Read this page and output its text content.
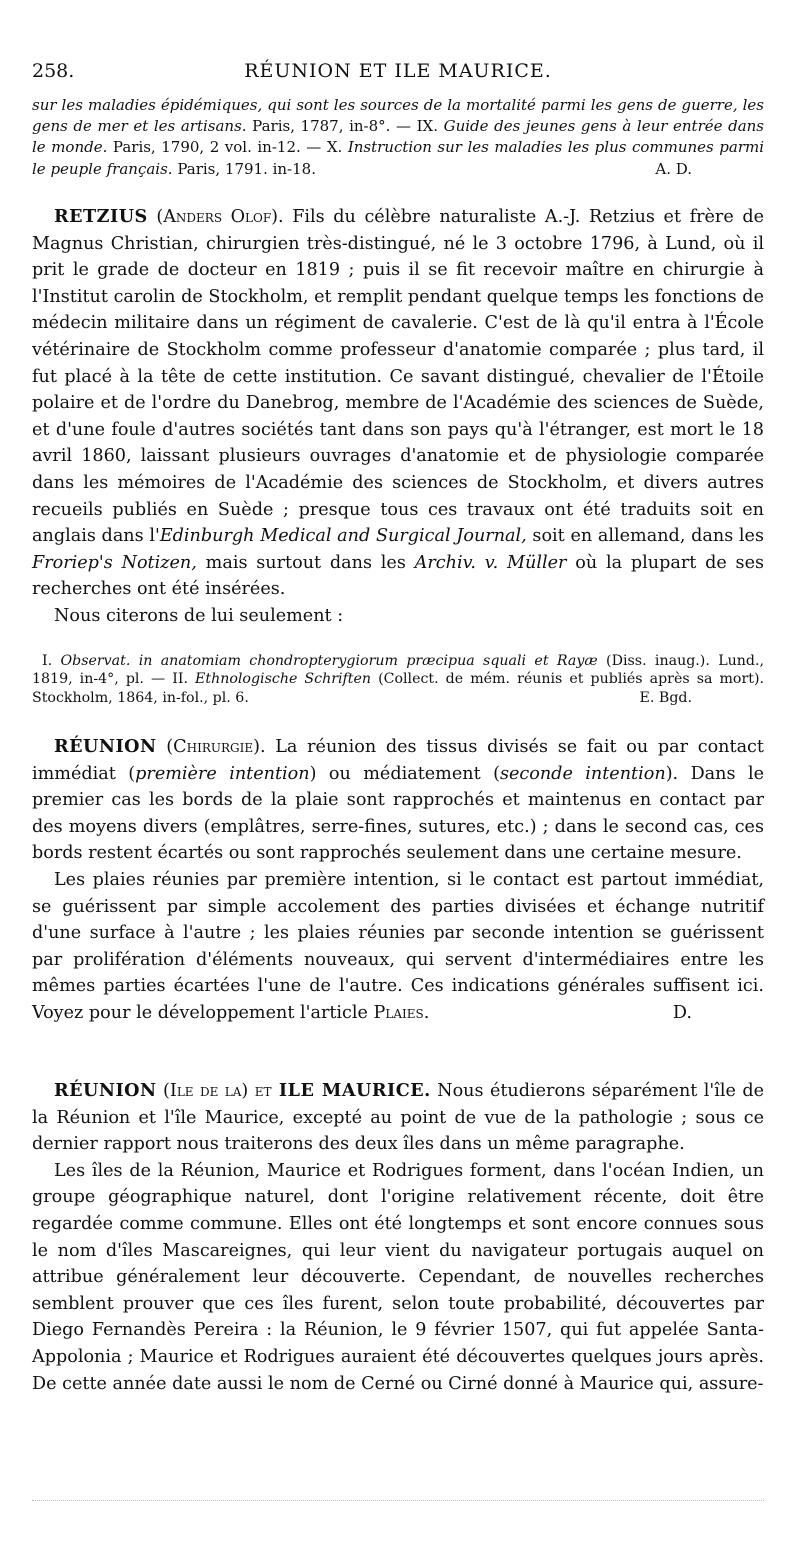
258.	RÉUNION ET ILE MAURICE.
sur les maladies épidémiques, qui sont les sources de la mortalité parmi les gens de guerre, les gens de mer et les artisans. Paris, 1787, in-8°. — IX. Guide des jeunes gens à leur entrée dans le monde. Paris, 1790, 2 vol. in-12. — X. Instruction sur les maladies les plus communes parmi le peuple français. Paris, 1791. in-18.	A. D.

RETZIUS (Anders Olof). Fils du célèbre naturaliste A.-J. Retzius et frère de Magnus Christian, chirurgien très-distingué, né le 3 octobre 1796, à Lund, où il prit le grade de docteur en 1819 ; puis il se fit recevoir maître en chirurgie à l'Institut carolin de Stockholm, et remplit pendant quelque temps les fonctions de médecin militaire dans un régiment de cavalerie. C'est de là qu'il entra à l'École vétérinaire de Stockholm comme professeur d'anatomie comparée ; plus tard, il fut placé à la tête de cette institution. Ce savant distingué, chevalier de l'Étoile polaire et de l'ordre du Danebrog, membre de l'Académie des sciences de Suède, et d'une foule d'autres sociétés tant dans son pays qu'à l'étranger, est mort le 18 avril 1860, laissant plusieurs ouvrages d'anatomie et de physiologie comparée dans les mémoires de l'Académie des sciences de Stockholm, et divers autres recueils publiés en Suède ; presque tous ces travaux ont été traduits soit en anglais dans l'Edinburgh Medical and Surgical Journal, soit en allemand, dans les Froriep's Notizen, mais surtout dans les Archiv. v. Müller où la plupart de ses recherches ont été insérées.

Nous citerons de lui seulement :

I. Observat. in anatomiam chondropterygiorum præcipua squali et Rayæ (Diss. inaug.). Lund., 1819, in-4°, pl. — II. Ethnologische Schriften (Collect. de mém. réunis et publiés après sa mort). Stockholm, 1864, in-fol., pl. 6.	E. Bgd.

RÉUNION (Chirurgie). La réunion des tissus divisés se fait ou par contact immédiat (première intention) ou médiatement (seconde intention). Dans le premier cas les bords de la plaie sont rapprochés et maintenus en contact par des moyens divers (emplâtres, serre-fines, sutures, etc.) ; dans le second cas, ces bords restent écartés ou sont rapprochés seulement dans une certaine mesure.

Les plaies réunies par première intention, si le contact est partout immédiat, se guérissent par simple accolement des parties divisées et échange nutritif d'une surface à l'autre ; les plaies réunies par seconde intention se guérissent par prolifération d'éléments nouveaux, qui servent d'intermédiaires entre les mêmes parties écartées l'une de l'autre. Ces indications générales suffisent ici. Voyez pour le développement l'article Plaies.	D.

RÉUNION (Ile de la) et ILE MAURICE. Nous étudierons séparément l'île de la Réunion et l'île Maurice, excepté au point de vue de la pathologie ; sous ce dernier rapport nous traiterons des deux îles dans un même paragraphe.

Les îles de la Réunion, Maurice et Rodrigues forment, dans l'océan Indien, un groupe géographique naturel, dont l'origine relativement récente, doit être regardée comme commune. Elles ont été longtemps et sont encore connues sous le nom d'îles Mascareignes, qui leur vient du navigateur portugais auquel on attribue généralement leur découverte. Cependant, de nouvelles recherches semblent prouver que ces îles furent, selon toute probabilité, découvertes par Diego Fernandès Pereira : la Réunion, le 9 février 1507, qui fut appelée Santa-Appolonia ; Maurice et Rodrigues auraient été découvertes quelques jours après. De cette année date aussi le nom de Cerné ou Cirné donné à Maurice qui, assure-
